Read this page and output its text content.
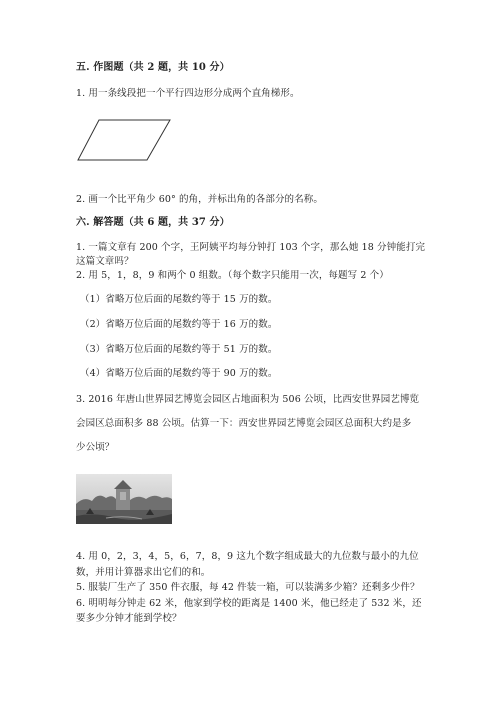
五. 作图题（共 2 题，共 10 分）
1. 用一条线段把一个平行四边形分成两个直角梯形。
2. 画一个比平角少 60° 的角，并标出角的各部分的名称。
六. 解答题（共 6 题，共 37 分）
1. 一篇文章有 200 个字，王阿姨平均每分钟打 103 个字，那么她 18 分钟能打完
这篇文章吗？
2. 用 5，1，8，9 和两个 0 组数。（每个数字只能用一次，每题写 2 个）
（1）省略万位后面的尾数约等于 15 万的数。
（2）省略万位后面的尾数约等于 16 万的数。
（3）省略万位后面的尾数约等于 51 万的数。
（4）省略万位后面的尾数约等于 90 万的数。
3. 2016 年唐山世界园艺博览会园区占地面积为 506 公顷，比西安世界园艺博览
会园区总面积多 88 公顷。估算一下：西安世界园艺博览会园区总面积大约是多
少公顷？
4. 用 0，2，3，4，5，6，7，8，9 这九个数字组成最大的九位数与最小的九位
数，并用计算器求出它们的和。
5. 服装厂生产了 350 件衣服，每 42 件装一箱，可以装满多少箱？还剩多少件？
6. 明明每分钟走 62 米，他家到学校的距离是 1400 米，他已经走了 532 米，还
要多少分钟才能到学校？
